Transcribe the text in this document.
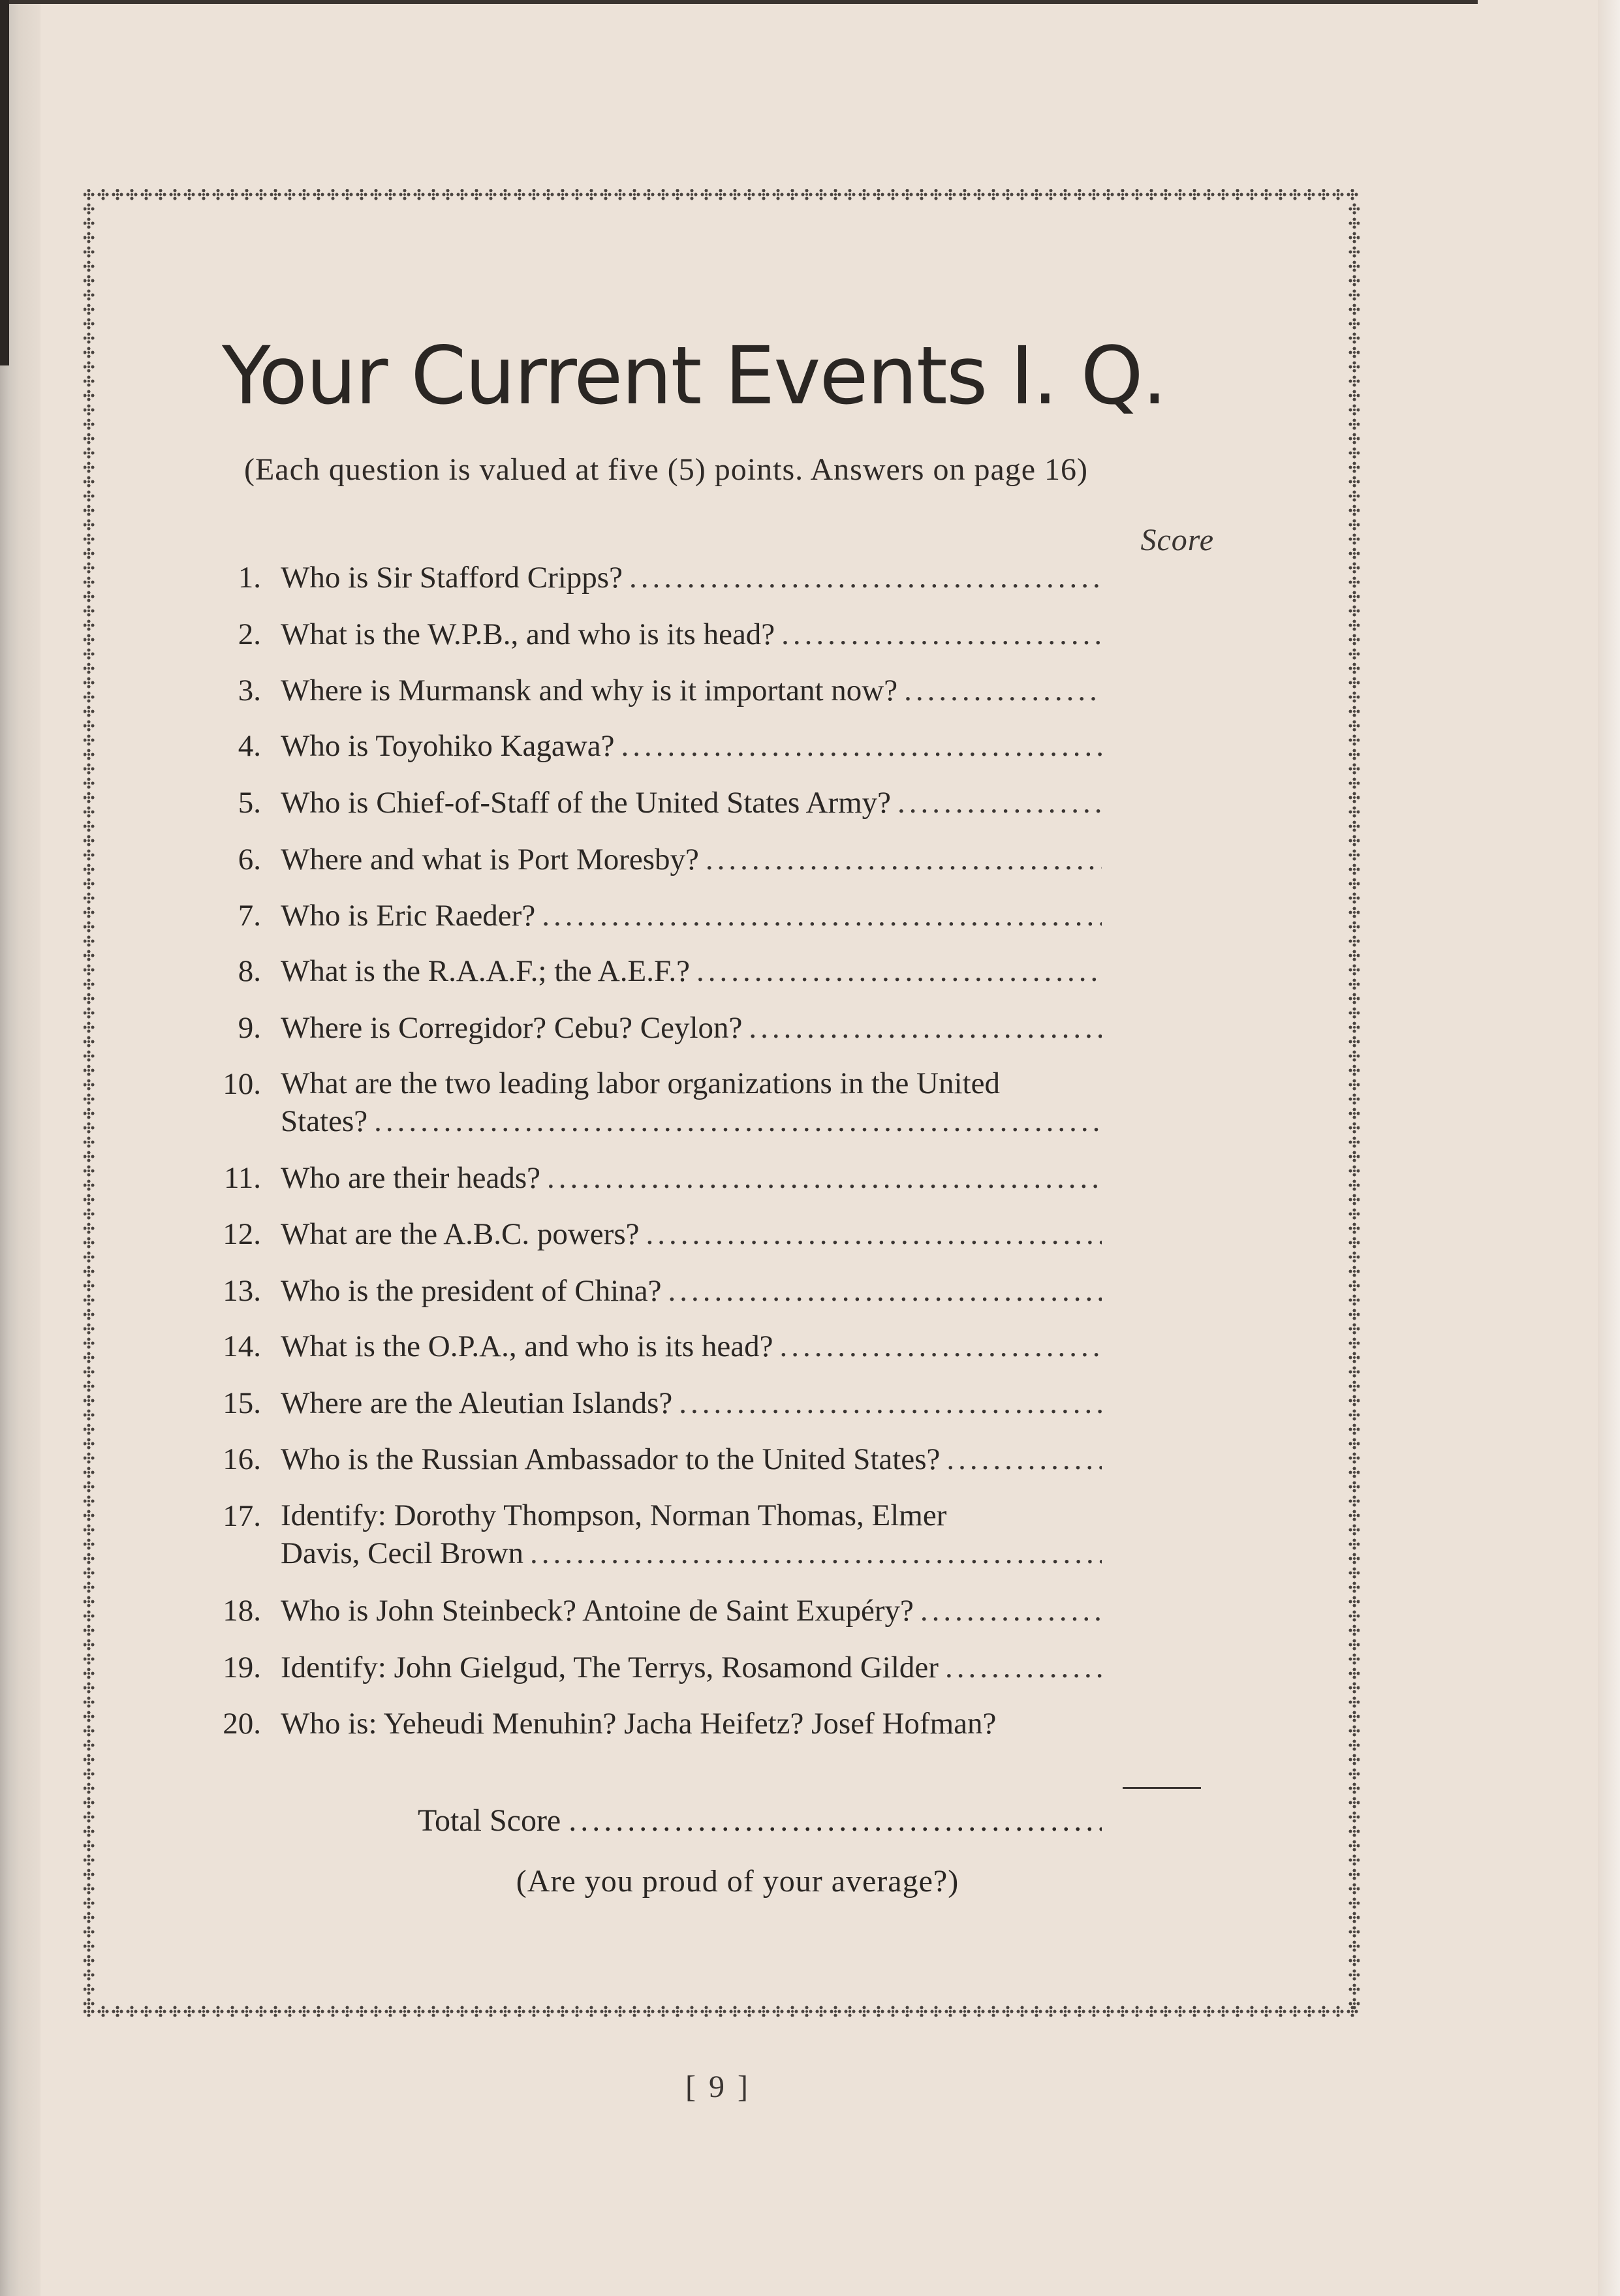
Your Current Events I. Q.
(Each question is valued at five (5) points. Answers on page 16)
Score
1. Who is Sir Stafford Cripps?
.....
2. What is the W.P.B., and who is its head?
.....
3. Where is Murmansk and why is it important now?
.....
4. Who is Toyohiko Kagawa?
.....
5. Who is Chief-of-Staff of the United States Army?
.....
6. Where and what is Port Moresby?
.....
7. Who is Eric Raeder?
.....
8. What is the R.A.A.F.; the A.E.F.?
.....
9. Where is Corregidor? Cebu? Ceylon?
.....
10. What are the two leading labor organizations in the United
States?
.....
11. Who are their heads?
.....
12. What are the A.B.C. powers?
.....
13. Who is the president of China?
.....
14. What is the O.P.A., and who is its head?
.....
15. Where are the Aleutian Islands?
.....
16. Who is the Russian Ambassador to the United States?
.....
17. Identify: Dorothy Thompson, Norman Thomas, Elmer
Davis, Cecil Brown
.....
18. Who is John Steinbeck? Antoine de Saint Exupéry?
.....
19. Identify: John Gielgud, The Terrys, Rosamond Gilder
.....
20. Who is: Yeheudi Menuhin? Jacha Heifetz? Josef Hofman?
Total Score
.....
(Are you proud of your average?)
[ 9 ]
